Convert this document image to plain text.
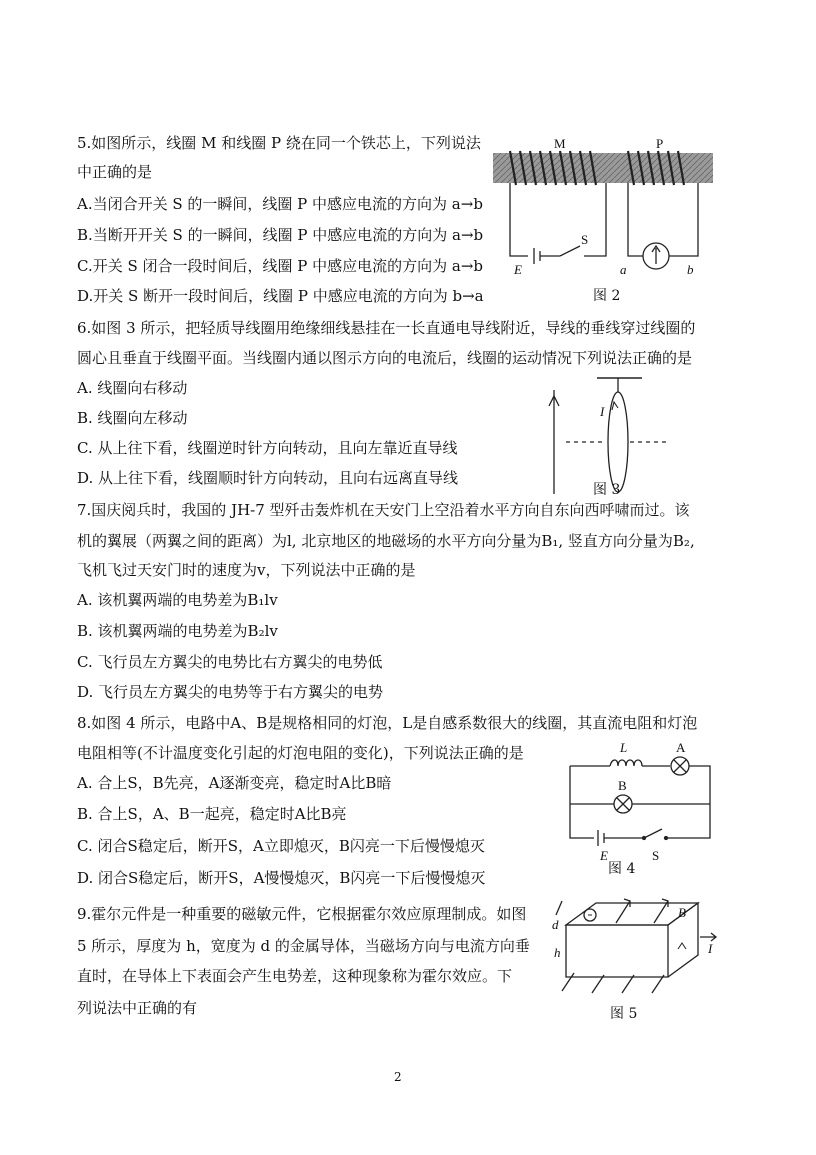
5.如图所示，线圈 M 和线圈 P 绕在同一个铁芯上，下列说法
中正确的是
A.当闭合开关 S 的一瞬间，线圈 P 中感应电流的方向为 a→b
B.当断开开关 S 的一瞬间，线圈 P 中感应电流的方向为 a→b
C.开关 S 闭合一段时间后，线圈 P 中感应电流的方向为 a→b
D.开关 S 断开一段时间后，线圈 P 中感应电流的方向为 b→a
M	P
S
E	a	b
图 2
6.如图 3 所示，把轻质导线圈用绝缘细线悬挂在一长直通电导线附近，导线的垂线穿过线圈的
圆心且垂直于线圈平面。当线圈内通以图示方向的电流后，线圈的运动情况下列说法正确的是
A. 线圈向右移动
B. 线圈向左移动
C. 从上往下看，线圈逆时针方向转动，且向左靠近直导线
D. 从上往下看，线圈顺时针方向转动，且向右远离直导线
I
图 3
7.国庆阅兵时，我国的 JH-7 型歼击轰炸机在天安门上空沿着水平方向自东向西呼啸而过。该
机的翼展（两翼之间的距离）为l, 北京地区的地磁场的水平方向分量为B₁, 竖直方向分量为B₂,
飞机飞过天安门时的速度为v，下列说法中正确的是
A. 该机翼两端的电势差为B₁lv
B. 该机翼两端的电势差为B₂lv
C. 飞行员左方翼尖的电势比右方翼尖的电势低
D. 飞行员左方翼尖的电势等于右方翼尖的电势
8.如图 4 所示，电路中A、B是规格相同的灯泡，L是自感系数很大的线圈，其直流电阻和灯泡
电阻相等(不计温度变化引起的灯泡电阻的变化)，下列说法正确的是
A. 合上S，B先亮，A逐渐变亮，稳定时A比B暗
B. 合上S，A、B一起亮，稳定时A比B亮
C. 闭合S稳定后，断开S，A立即熄灭，B闪亮一下后慢慢熄灭
D. 闭合S稳定后，断开S，A慢慢熄灭，B闪亮一下后慢慢熄灭
L	A
B
E	S
图 4
9.霍尔元件是一种重要的磁敏元件，它根据霍尔效应原理制成。如图
5 所示，厚度为 h，宽度为 d 的金属导体，当磁场方向与电流方向垂
直时，在导体上下表面会产生电势差，这种现象称为霍尔效应。下
列说法中正确的有
B
I
d
h
图 5
2
